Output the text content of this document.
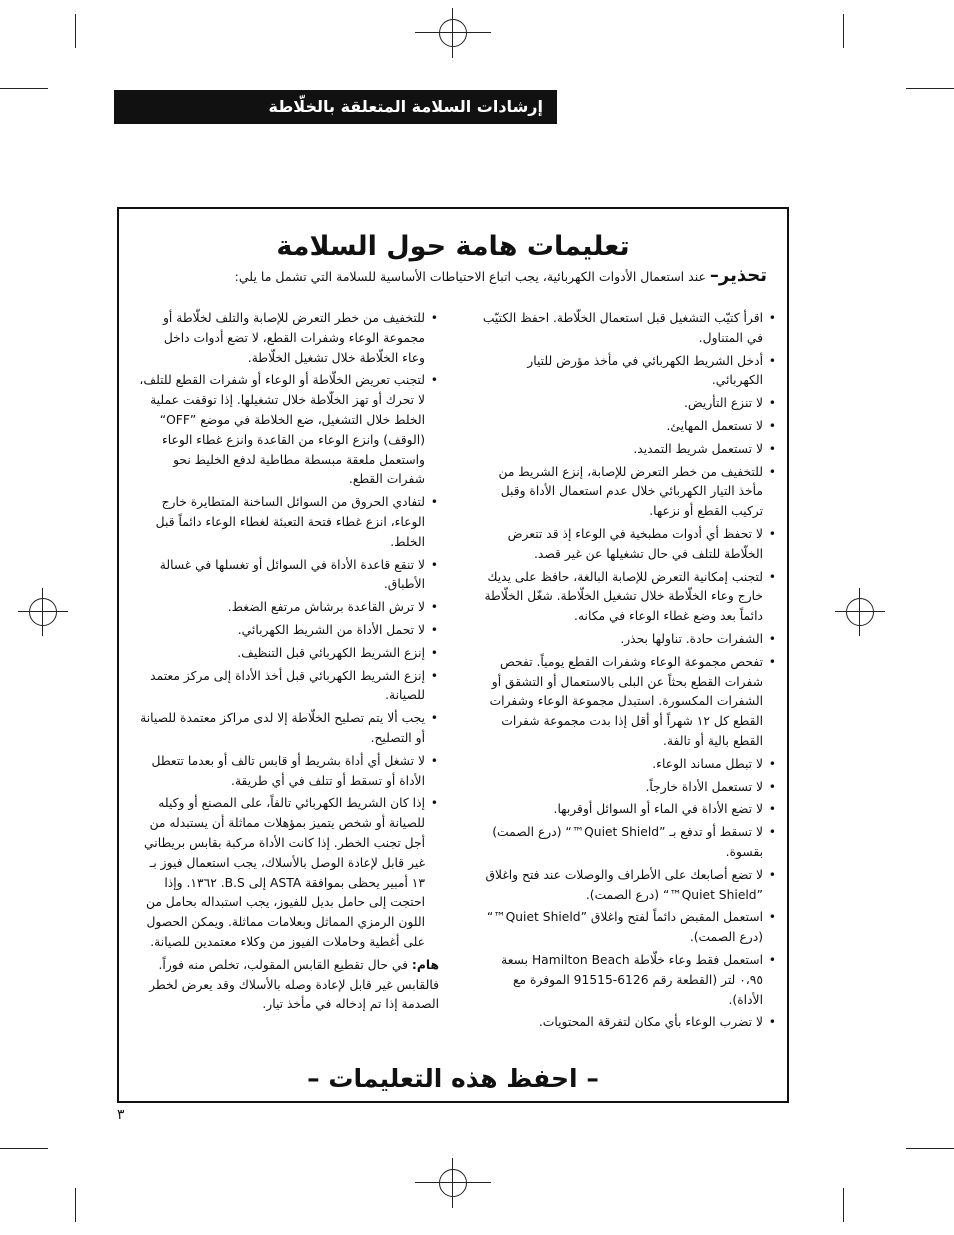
إرشادات السلامة المتعلقة بالخلّاطة
تعليمات هامة حول السلامة
تحذير– عند استعمال الأدوات الكهربائية، يجب اتباع الاحتياطات الأساسية للسلامة التي تشمل ما يلي:
• اقرأ كتيّب التشغيل قبل استعمال الخلّاطة. احفظ الكتيّب في المتناول.
• أدخل الشريط الكهربائي في مأخذ مؤرض للتيار الكهربائي.
• لا تنزع التأريض.
• لا تستعمل المهايئ.
• لا تستعمل شريط التمديد.
• للتخفيف من خطر التعرض للإصابة، إنزع الشريط من مأخذ التيار الكهربائي خلال عدم استعمال الأداة وقبل تركيب القطع أو نزعها.
• لا تحفظ أي أدوات مطبخية في الوعاء إذ قد تتعرض الخلّاطة للتلف في حال تشغيلها عن غير قصد.
• لتجنب إمكانية التعرض للإصابة البالغة، حافظ على يديك خارج وعاء الخلّاطة خلال تشغيل الخلّاطة. شغّل الخلّاطة دائماً بعد وضع غطاء الوعاء في مكانه.
• الشفرات حادة. تناولها بحذر.
• تفحص مجموعة الوعاء وشفرات القطع يومياً. تفحص شفرات القطع بحثاً عن البلى بالاستعمال أو التشقق أو الشفرات المكسورة. استبدل مجموعة الوعاء وشفرات القطع كل ١٢ شهراً أو أقل إذا بدت مجموعة شفرات القطع بالية أو تالفة.
• لا تبطل مساند الوعاء.
• لا تستعمل الأداة خارجاً.
• لا تضع الأداة في الماء أو السوائل أوقربها.
• لا تسقط أو تدفع بـ ”Quiet Shield™“ (درع الصمت) بقسوة.
• لا تضع أصابعك على الأطراف والوصلات عند فتح واغلاق ”Quiet Shield™“ (درع الصمت).
• استعمل المقبض دائماً لفتح واغلاق ”Quiet Shield™“ (درع الصمت).
• استعمل فقط وعاء خلّاطة Hamilton Beach بسعة ٠،٩٥ لتر (القطعة رقم 6126-91515 الموفرة مع الأداة).
• لا تضرب الوعاء بأي مكان لتفرقة المحتويات.
• للتخفيف من خطر التعرض للإصابة والتلف لخلّاطة أو مجموعة الوعاء وشفرات القطع، لا تضع أدوات داخل وعاء الخلّاطة خلال تشغيل الخلّاطة.
• لتجنب تعريض الخلّاطة أو الوعاء أو شفرات القطع للتلف، لا تحرك أو تهز الخلّاطة خلال تشغيلها. إذا توقفت عملية الخلط خلال التشغيل، ضع الخلاطة في موضع ”OFF“ (الوقف) وانزع الوعاء من القاعدة وانزع غطاء الوعاء واستعمل ملعقة مبسطة مطاطية لدفع الخليط نحو شفرات القطع.
• لتفادي الحروق من السوائل الساخنة المتطايرة خارج الوعاء، انزع غطاء فتحة التعبئة لغطاء الوعاء دائماً قبل الخلط.
• لا تنقع قاعدة الأداة في السوائل أو تغسلها في غسالة الأطباق.
• لا ترش القاعدة برشاش مرتفع الضغط.
• لا تحمل الأداة من الشريط الكهربائي.
• إنزع الشريط الكهربائي قبل التنظيف.
• إنزع الشريط الكهربائي قبل أخذ الأداة إلى مركز معتمد للصيانة.
• يجب ألا يتم تصليح الخلّاطة إلا لدى مراكز معتمدة للصيانة أو التصليح.
• لا تشغل أي أداة بشريط أو قابس تالف أو بعدما تتعطل الأداة أو تسقط أو تتلف في أي طريقة.
• إذا كان الشريط الكهربائي تالفاً، على المصنع أو وكيله للصيانة أو شخص يتميز بمؤهلات مماثلة أن يستبدله من أجل تجنب الخطر. إذا كانت الأداة مركبة بقابس بريطاني غير قابل لإعادة الوصل بالأسلاك، يجب استعمال فيوز بـ ١٣ أمبير يحظى بموافقة ASTA إلى B.S. ١٣٦٢. وإذا احتجت إلى حامل بديل للفيوز، يجب استبداله بحامل من اللون الرمزي المماثل وبعلامات مماثلة. ويمكن الحصول على أغطية وحاملات الفيوز من وكلاء معتمدين للصيانة.

هام: في حال تقطيع القابس المقولب، تخلص منه فوراً. فالقابس غير قابل لإعادة وصله بالأسلاك وقد يعرض لخطر الصدمة إذا تم إدخاله في مأخذ تيار.

– احفظ هذه التعليمات –
٣
